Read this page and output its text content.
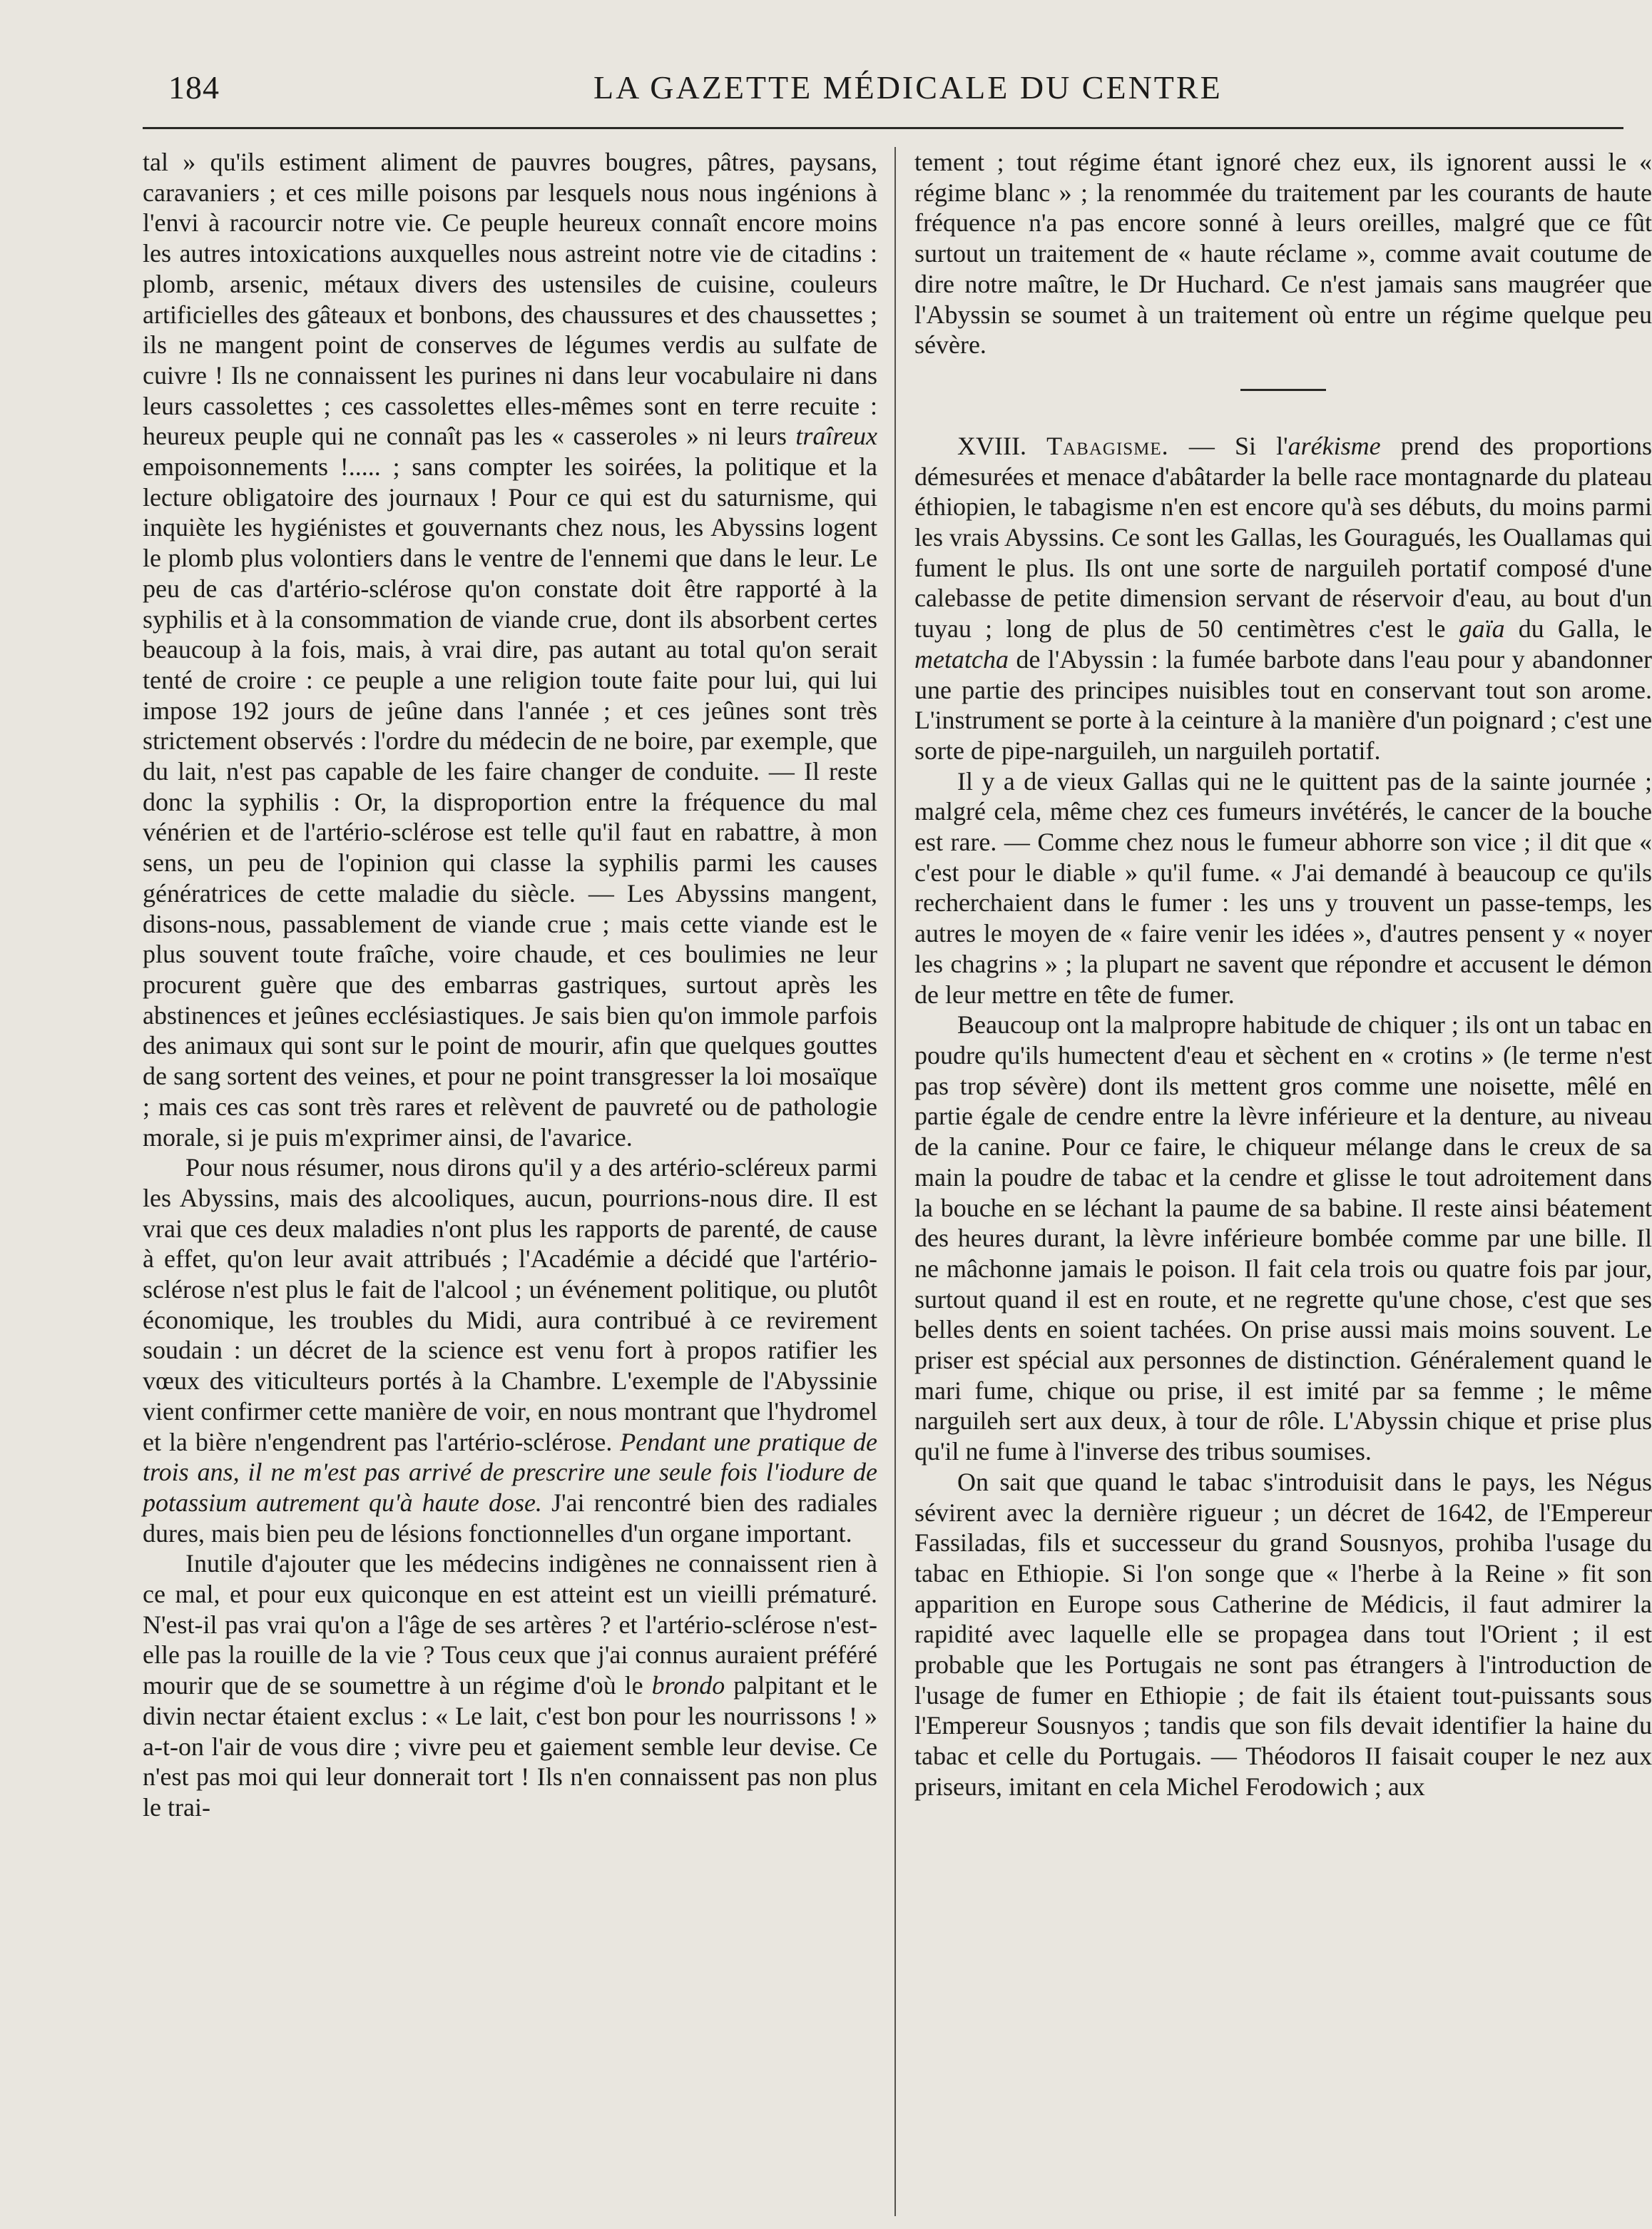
184	LA GAZETTE MÉDICALE DU CENTRE

tal » qu'ils estiment aliment de pauvres bougres, pâtres, paysans, caravaniers ; et ces mille poisons par lesquels nous nous ingénions à l'envi à racourcir notre vie. Ce peuple heureux connaît encore moins les autres intoxications auxquelles nous astreint notre vie de citadins : plomb, arsenic, métaux divers des ustensiles de cuisine, couleurs artificielles des gâteaux et bonbons, des chaussures et des chaussettes ; ils ne mangent point de conserves de légumes verdis au sulfate de cuivre ! Ils ne connaissent les purines ni dans leur vocabulaire ni dans leurs cassolettes ; ces cassolettes elles-mêmes sont en terre recuite : heureux peuple qui ne connaît pas les « casseroles » ni leurs traîreux empoisonnements !..... ; sans compter les soirées, la politique et la lecture obligatoire des journaux ! Pour ce qui est du saturnisme, qui inquiète les hygiénistes et gouvernants chez nous, les Abyssins logent le plomb plus volontiers dans le ventre de l'ennemi que dans le leur. Le peu de cas d'artério-sclérose qu'on constate doit être rapporté à la syphilis et à la consommation de viande crue, dont ils absorbent certes beaucoup à la fois, mais, à vrai dire, pas autant au total qu'on serait tenté de croire : ce peuple a une religion toute faite pour lui, qui lui impose 192 jours de jeûne dans l'année ; et ces jeûnes sont très strictement observés : l'ordre du médecin de ne boire, par exemple, que du lait, n'est pas capable de les faire changer de conduite. — Il reste donc la syphilis : Or, la disproportion entre la fréquence du mal vénérien et de l'artério-sclérose est telle qu'il faut en rabattre, à mon sens, un peu de l'opinion qui classe la syphilis parmi les causes génératrices de cette maladie du siècle. — Les Abyssins mangent, disons-nous, passablement de viande crue ; mais cette viande est le plus souvent toute fraîche, voire chaude, et ces boulimies ne leur procurent guère que des embarras gastriques, surtout après les abstinences et jeûnes ecclésiastiques. Je sais bien qu'on immole parfois des animaux qui sont sur le point de mourir, afin que quelques gouttes de sang sortent des veines, et pour ne point transgresser la loi mosaïque ; mais ces cas sont très rares et relèvent de pauvreté ou de pathologie morale, si je puis m'exprimer ainsi, de l'avarice.

Pour nous résumer, nous dirons qu'il y a des artério-scléreux parmi les Abyssins, mais des alcooliques, aucun, pourrions-nous dire. Il est vrai que ces deux maladies n'ont plus les rapports de parenté, de cause à effet, qu'on leur avait attribués ; l'Académie a décidé que l'artério-sclérose n'est plus le fait de l'alcool ; un événement politique, ou plutôt économique, les troubles du Midi, aura contribué à ce revirement soudain : un décret de la science est venu fort à propos ratifier les vœux des viticulteurs portés à la Chambre. L'exemple de l'Abyssinie vient confirmer cette manière de voir, en nous montrant que l'hydromel et la bière n'engendrent pas l'artério-sclérose. Pendant une pratique de trois ans, il ne m'est pas arrivé de prescrire une seule fois l'iodure de potassium autrement qu'à haute dose. J'ai rencontré bien des radiales dures, mais bien peu de lésions fonctionnelles d'un organe important.

Inutile d'ajouter que les médecins indigènes ne connaissent rien à ce mal, et pour eux quiconque en est atteint est un vieilli prématuré. N'est-il pas vrai qu'on a l'âge de ses artères ? et l'artério-sclérose n'est-elle pas la rouille de la vie ? Tous ceux que j'ai connus auraient préféré mourir que de se soumettre à un régime d'où le brondo palpitant et le divin nectar étaient exclus : « Le lait, c'est bon pour les nourrissons ! » a-t-on l'air de vous dire ; vivre peu et gaiement semble leur devise. Ce n'est pas moi qui leur donnerait tort ! Ils n'en connaissent pas non plus le trai-

tement ; tout régime étant ignoré chez eux, ils ignorent aussi le « régime blanc » ; la renommée du traitement par les courants de haute fréquence n'a pas encore sonné à leurs oreilles, malgré que ce fût surtout un traitement de « haute réclame », comme avait coutume de dire notre maître, le Dr Huchard. Ce n'est jamais sans maugréer que l'Abyssin se soumet à un traitement où entre un régime quelque peu sévère.

XVIII. Tabagisme. — Si l'arékisme prend des proportions démesurées et menace d'abâtarder la belle race montagnarde du plateau éthiopien, le tabagisme n'en est encore qu'à ses débuts, du moins parmi les vrais Abyssins. Ce sont les Gallas, les Gouragués, les Ouallamas qui fument le plus. Ils ont une sorte de narguileh portatif composé d'une calebasse de petite dimension servant de réservoir d'eau, au bout d'un tuyau ; long de plus de 50 centimètres c'est le gaïa du Galla, le metatcha de l'Abyssin : la fumée barbote dans l'eau pour y abandonner une partie des principes nuisibles tout en conservant tout son arome. L'instrument se porte à la ceinture à la manière d'un poignard ; c'est une sorte de pipe-narguileh, un narguileh portatif.

Il y a de vieux Gallas qui ne le quittent pas de la sainte journée ; malgré cela, même chez ces fumeurs invétérés, le cancer de la bouche est rare. — Comme chez nous le fumeur abhorre son vice ; il dit que « c'est pour le diable » qu'il fume. « J'ai demandé à beaucoup ce qu'ils recherchaient dans le fumer : les uns y trouvent un passe-temps, les autres le moyen de « faire venir les idées », d'autres pensent y « noyer les chagrins » ; la plupart ne savent que répondre et accusent le démon de leur mettre en tête de fumer.

Beaucoup ont la malpropre habitude de chiquer ; ils ont un tabac en poudre qu'ils humectent d'eau et sèchent en « crotins » (le terme n'est pas trop sévère) dont ils mettent gros comme une noisette, mêlé en partie égale de cendre entre la lèvre inférieure et la denture, au niveau de la canine. Pour ce faire, le chiqueur mélange dans le creux de sa main la poudre de tabac et la cendre et glisse le tout adroitement dans la bouche en se léchant la paume de sa babine. Il reste ainsi béatement des heures durant, la lèvre inférieure bombée comme par une bille. Il ne mâchonne jamais le poison. Il fait cela trois ou quatre fois par jour, surtout quand il est en route, et ne regrette qu'une chose, c'est que ses belles dents en soient tachées. On prise aussi mais moins souvent. Le priser est spécial aux personnes de distinction. Généralement quand le mari fume, chique ou prise, il est imité par sa femme ; le même narguileh sert aux deux, à tour de rôle. L'Abyssin chique et prise plus qu'il ne fume à l'inverse des tribus soumises.

On sait que quand le tabac s'introduisit dans le pays, les Négus sévirent avec la dernière rigueur ; un décret de 1642, de l'Empereur Fassiladas, fils et successeur du grand Sousnyos, prohiba l'usage du tabac en Ethiopie. Si l'on songe que « l'herbe à la Reine » fit son apparition en Europe sous Catherine de Médicis, il faut admirer la rapidité avec laquelle elle se propagea dans tout l'Orient ; il est probable que les Portugais ne sont pas étrangers à l'introduction de l'usage de fumer en Ethiopie ; de fait ils étaient tout-puissants sous l'Empereur Sousnyos ; tandis que son fils devait identifier la haine du tabac et celle du Portugais. — Théodoros II faisait couper le nez aux priseurs, imitant en cela Michel Ferodowich ; aux
